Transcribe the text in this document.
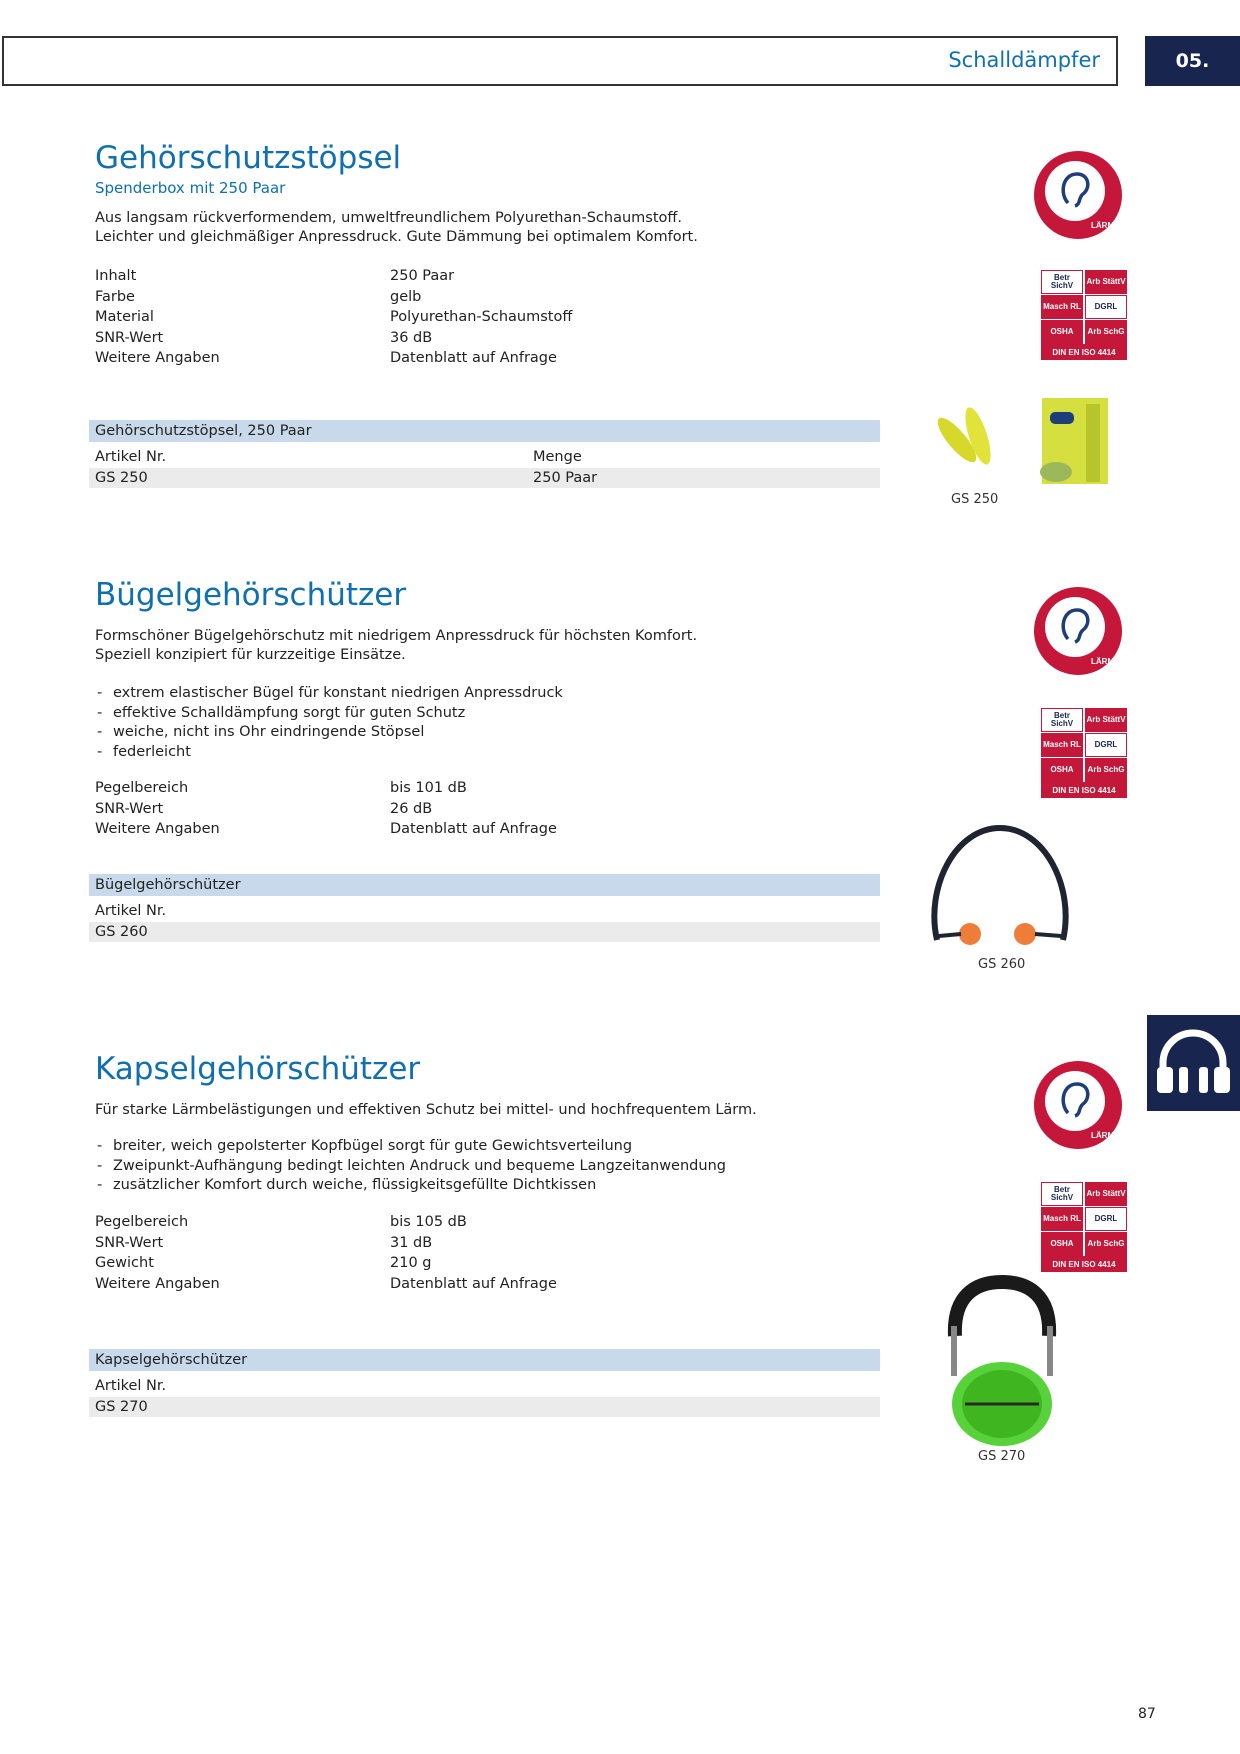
Schalldämpfer	05.
Gehörschutzstöpsel
Spenderbox mit 250 Paar
Aus langsam rückverformendem, umweltfreundlichem Polyurethan-Schaumstoff.
Leichter und gleichmäßiger Anpressdruck. Gute Dämmung bei optimalem Komfort.
Inhalt	250 Paar
Farbe	gelb
Material	Polyurethan-Schaumstoff
SNR-Wert	36 dB
Weitere Angaben	Datenblatt auf Anfrage
Gehörschutzstöpsel, 250 Paar
Artikel Nr.	Menge
GS 250	250 Paar
LÄRM-SCHUTZ
Betr SichV	Arb StättV
Masch RL	DGRL
OSHA	Arb SchG
DIN EN ISO 4414
GS 250
Bügelgehörschützer
Formschöner Bügelgehörschutz mit niedrigem Anpressdruck für höchsten Komfort.
Speziell konzipiert für kurzzeitige Einsätze.
- extrem elastischer Bügel für konstant niedrigen Anpressdruck
- effektive Schalldämpfung sorgt für guten Schutz
- weiche, nicht ins Ohr eindringende Stöpsel
- federleicht
Pegelbereich	bis 101 dB
SNR-Wert	26 dB
Weitere Angaben	Datenblatt auf Anfrage
Bügelgehörschützer
Artikel Nr.
GS 260
LÄRM-SCHUTZ
Betr SichV	Arb StättV
Masch RL	DGRL
OSHA	Arb SchG
DIN EN ISO 4414
GS 260
Kapselgehörschützer
Für starke Lärmbelästigungen und effektiven Schutz bei mittel- und hochfrequentem Lärm.
- breiter, weich gepolsterter Kopfbügel sorgt für gute Gewichtsverteilung
- Zweipunkt-Aufhängung bedingt leichten Andruck und bequeme Langzeitanwendung
- zusätzlicher Komfort durch weiche, flüssigkeitsgefüllte Dichtkissen
Pegelbereich	bis 105 dB
SNR-Wert	31 dB
Gewicht	210 g
Weitere Angaben	Datenblatt auf Anfrage
Kapselgehörschützer
Artikel Nr.
GS 270
LÄRM-SCHUTZ
Betr SichV	Arb StättV
Masch RL	DGRL
OSHA	Arb SchG
DIN EN ISO 4414
GS 270
87
